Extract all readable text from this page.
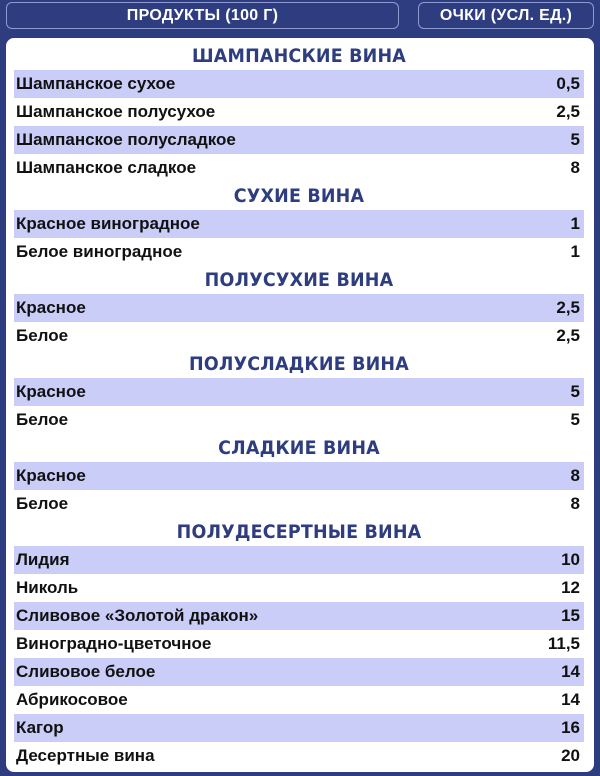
ПРОДУКТЫ (100 Г)	ОЧКИ (УСЛ. ЕД.)
ШАМПАНСКИЕ ВИНА
Шампанское сухое	0,5
Шампанское полусухое	2,5
Шампанское полусладкое	5
Шампанское сладкое	8
СУХИЕ ВИНА
Красное виноградное	1
Белое виноградное	1
ПОЛУСУХИЕ ВИНА
Красное	2,5
Белое	2,5
ПОЛУСЛАДКИЕ ВИНА
Красное	5
Белое	5
СЛАДКИЕ ВИНА
Красное	8
Белое	8
ПОЛУДЕСЕРТНЫЕ ВИНА
Лидия	10
Николь	12
Сливовое «Золотой дракон»	15
Виноградно-цветочное	11,5
Сливовое белое	14
Абрикосовое	14
Кагор	16
Десертные вина	20
